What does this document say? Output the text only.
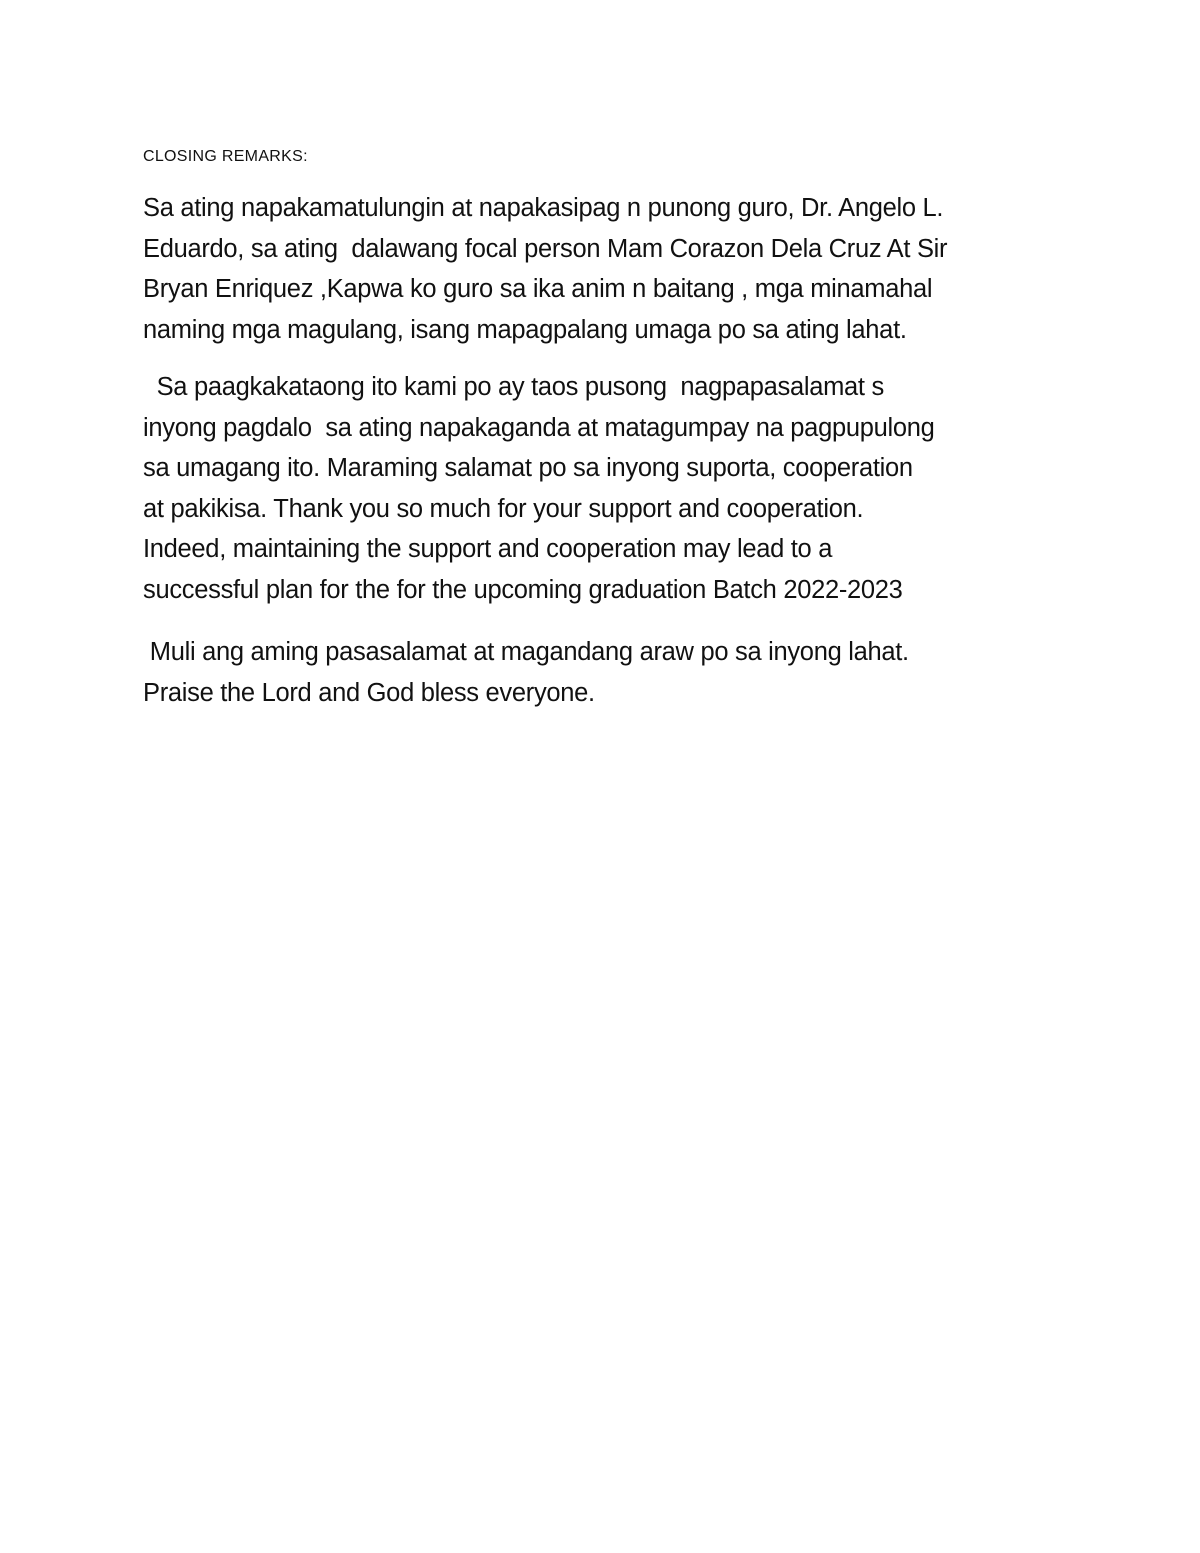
CLOSING REMARKS:
Sa ating napakamatulungin at napakasipag n punong guro, Dr. Angelo L.
Eduardo, sa ating  dalawang focal person Mam Corazon Dela Cruz At Sir
Bryan Enriquez ,Kapwa ko guro sa ika anim n baitang , mga minamahal
naming mga magulang, isang mapagpalang umaga po sa ating lahat.
Sa paagkakataong ito kami po ay taos pusong  nagpapasalamat s
inyong pagdalo  sa ating napakaganda at matagumpay na pagpupulong
sa umagang ito. Maraming salamat po sa inyong suporta, cooperation
at pakikisa. Thank you so much for your support and cooperation.
Indeed, maintaining the support and cooperation may lead to a
successful plan for the for the upcoming graduation Batch 2022-2023
Muli ang aming pasasalamat at magandang araw po sa inyong lahat.
Praise the Lord and God bless everyone.
